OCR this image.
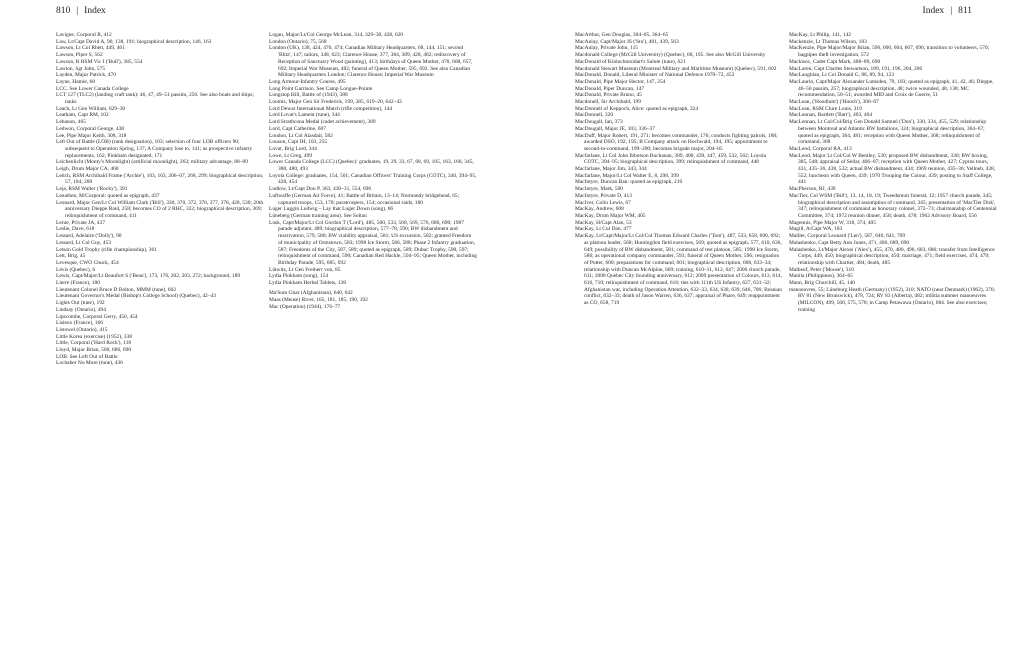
810 | Index

Lavigne, Corporal R, 412

Law, Lt/Capt David A, 90, 138, 191; biographical description, 146, 163

Lawson, Lt Col Rhett, 449, 461

Lawson, Piper S, 562

Lawson, R RSM Vic I ('Bull'), 385, 554

Lawton, Sgt John, 575

Layden, Major Patrick, 470

Layne, Hamie, 68

LCC. See Lower Canada College

LCT 127 (TLC2) (landing craft tank): 46, 47, 49–51 passim, 256. See also boats and ships; tanks

Leach, Lt Gen William, 629–30

Leatham, Capt RM, 102

Lebanon, 465

Ledwon, Corporal George, 438

Lee, Pipe Major Keith, 308, 318

Left Out of Battle (LOB) (rank designation), 103; selection of four LOB officers 90; subsequent to Operation Spring, 137; A Company lose to, 141; as prospective infantry replacements, 162; Pinkham designated, 171

Leichenlicht (Monty's Moonlight) (artificial moonlight), 263; military advantage, 88–89

Leigh, Drum Major CA, 460

Leitch, RSM Archibald Frame ('Archie'), 103, 163, 206–07, 268, 299; biographical description, 57, 184, 200

Leja, RSM Walter ('Rocky'), 391

Lenathen, M/Corporal: quoted as epigraph, 437

Leonard, Major Gen/Lt Col William Clark ('Bill'), 330, 370, 372, 376, 377, 378, 428, 530; 20th anniversary Dieppe Raid, 258; becomes CO of 2 RHC, 332; biographical description, 369; relinquishment of command, 411

Lerue, Private JA, 437

Leslie, Dave, 618

Lessard, Adelaire ('Dolly'), 90

Lessard, Lt Col Guy, 453

Letson Gold Trophy (rifle championship), 361

Lett, Brig, 45

Levesque, CWO Chuck, 454

Lévis (Quebec), 6

Lewis, Capt/Major/Lt Beaufort S ('Beau'), 173, 176, 202, 203, 272; background, 189

Lierre (France), 180

Lieutenant Colonel Bruce D Bolton, MMM (tune), 602

Lieutenant Governor's Medal (Bishop's College School) (Quebec), 42–43

Lights Out (tune), 192

Lindsay (Ontario), 494

Lipscombe, Corporal Gerry, 450, 454

Lisieux (France), 166

Listowel (Ontario), 415

Little Korea (exercise) (1952), 338

Little, Corporal ('Hard Rock'), 118

Lloyd, Major Brian, 500, 686, 690

LOB. See Left Out of Battle

Lochaber No More (tune), 436

Logan, Major/Lt/Col George McLean, 314, 329–30, 428, 620

London (Ontario), 75, 568

London (UK), 138, 424, 470, 474; Canadian Military Headquarters, 68, 144, 151; second 'Blitz', 147; tailors, 348, 623; Clarence House, 377, 384, 389, 428, 482; rediscovery of Reception of Sanctuary Wood (painting), 413; birthdays of Queen Mother, 470, 608, 657, 692; Imperial War Museum, 482; funeral of Queen Mother, 595, 692. See also Canadian Military Headquarters London; Clarence House; Imperial War Museum

Long Armour-Infantry Course, 495

Long Point Garrison. See Camp Longue-Pointe

Longstop Hill, Battle of (1943), 388

Loomis, Major Gen Sir Frederick, 199, 385, 619–20, 642–43

Lord Dewar International Match (rifle competition), 144

Lord Lovat's Lament (tune), 344

Lord Strathcona Medal (cadet achievement), 389

Lord, Capt Catherine, 607

Loudon, Lt Col Alasdair, 582

Louson, Capt IH, 103, 255

Lovat, Brig Lord, 344

Lowe, Lt Greg, 499

Lower Canada College (LCC) (Quebec): graduates, 19, 29, 33, 67, 68, 69, 105, 163, 168, 345, 380, 480, 493

Loyola College: graduates, 154, 501; Canadian Officers' Training Corps (COTC), 340, 394–95, 428, 454

Ludlow, Lt/Capt Don P, 363, 430–31, 554, 696

Luftwaffe (German Air Force), 41; Battle of Britain, 13–14; Normandy bridgehead, 65; captured troops, 153, 170; paratroopers, 154; occasional raids, 180

Luger Luggin Ludwig – Lay that Luger Down (song), 66

Lüneberg (German training area). See Soltau

Lusk, Capt/Major/Lt Col Gordon T ('Lord'), 485, 500, 533, 568, 569, 576, 686, 690; 1987 parade adjutant, 489; biographical description, 577–78, 590; BW disbandment and reactivation, 579, 580; BW viability appraisal, 581; US excursion, 582; granted Freedom of municipality of Ormstown, 583; 1998 Ice Storm, 586, 588; Phase 2 Infantry graduation, 587; Freedoms of the City, 587, 589; quoted as epigraph, 589; Dubuc Trophy, 590, 597; relinquishment of command, 590; Canadian Red Hackle, 594–95; Queen Mother, including Birthday Parade, 595, 685, 692

Lütwitz, Lt Gen Freiherr von, 85

Lydia Pinkham (song), 154

Lydia Pinkham Herbal Tablets, 138

Ma'Sum Ghar (Afghanistan), 640, 642

Maas (Meuse) River, 165, 181, 185, 190, 192

Mac (Operation) (1944), 176–77

Index | 811

MacArthur, Gen Douglas, 304–05, 364–65

MacAulay, Capt/Major JS ('Stu'), 401, 439, 563

MacAulay, Private John, 115

Macdonald College (McGill University) (Quebec), 68, 195. See also McGill University

MacDonald of Kinlochmoidart's Salute (tune), 621

Macdonald Stewart Museum (Montreal Military and Maritime Museum) (Quebec), 591, 602

MacDonald, Donald, Liberal Minister of National Defence 1970–72, 453

MacDonald, Pipe Major Hector, 147, 254

MacDonald, Piper Duncan, 147

MacDonald, Private Bruno, 45

Macdonell, Sir Archibald, 199

MacDonnell of Keppoch, Alice: quoted as epigraph, 324

MacDonnell, 320

MacDougall, Ian, 373

MacDougall, Major JE, 103, 336–37

MacDuff, Major Robert, 191, 271; becomes commander, 176; conducts fighting patrols, 188; awarded DSO, 192, 195; B Company attack on Hochwald, 194, 195; appointment to second-in-command, 199–200; becomes brigade major, 204–05

Macfarlane, Lt Col John Ibbotson Buchanan, 389, 400, 439, 447, 459, 532, 562; Loyola COTC, 394–95; biographical description, 399; relinquishment of command, 448

Macfarlane, Major Jim, 343, 344

Macfarlane, Major/Lt Col Walter E, 8, 298, 399

MacIntyre, Duncan Ban: quoted as epigraph, 210

MacIntyre, Mark, 500

MacIntyre, Private D, 413

MacIver, Colin Lewis, 67

MacKay, Andrew, 608

MacKay, Drum Major WM, 405

MacKay, H/Capt Alan, 53

MacKay, Lt Col Dan, 477

MacKay, Lt/Capt/Major/Lt Col/Col Thomas Edward Charles ('Tom'), 487, 533, 658, 690, 692; as platoon leader, 568; Huntingdon field exercises, 569; quoted as epigraph, 577, 610, 636, 649; possibility of BW disbandment, 581; command of test platoon, 585; 1998 Ice Storm, 586; as operational company commander, 593; funeral of Queen Mother, 596; resignation of Potter, 600; preparations for command, 601; biographical description, 608, 633–34; relationship with Duncan McAlpine, 609; training, 610–11, 612, 647; 2006 church parade, 611; 2008 Quebec City founding anniversary, 612; 2009 presentation of Colours, 613, 614, 616, 710; relinquishment of command, 616; ties with 111th US Infantry, 627, 631–32; Afghanistan war, including Operation Attention, 632–33, 634, 638, 639, 646, 706; Bosnian conflict, 632–33; death of Jason Warren, 636, 637; appraisal of Phare, 649; reappointment as CO, 658, 719

MacKay, Lt Philip, 141, 142

Mackenzie, Lt Thomas Wilson, 183

MacKenzie, Pipe Major/Major Brian, 596, 600, 604, 607, 696; transition to volunteers, 570; bagpipes theft investigation, 572

Mackisoc, Cadet Capt Mark, 488–89, 690

MacLaren, Capt Charles Stewartson, 189, 191, 196, 204, 206

MacLaughlan, Lt Col Donald G, 88, 89, 94, 123

MacLaurin, Capt/Major Alexander Lumsden, 79, 103; quoted as epigraph, 41, 42, 46; Dieppe, 46–50 passim, 257; biographical description, 48; twice wounded, 48, 138; MC recommendation, 50–51; awarded MID and Croix de Guerre, 51

MacLean, ('Hoodlum') ('Hooch'), 306–07

MacLean, RSM Clure Louis, 319

MacLennan, Bartlett ('Bart'), 403, 404

MacLennan, Lt Col/Col/Brig Gen Donald Samuel ('Don'), 330, 334, 455, 529; relationship between Montreal and Atlantic BW battalions, 324; biographical description, 364–67; quoted as epigraph, 364, 481; reception with Queen Mother, 368; relinquishment of command, 368

MacLeod, Corporal RA, 413

MacLeod, Major Lt Col/Col W Bentley, 530; proposed BW disbandment, 330; BW boxing, 385, 548; appraisal of Sellar, 406–07; reception with Queen Mother, 427; Cyprus tours, 431, 435–36, 438, 532; actual BW disbandment, 434; 1969 reunion, 435–36; Yellneb, 438, 552; luncheon with Queen, 439; 1970 Trooping the Colour, 439; posting to Staff College, 441

MacPherson, RJ, 439

MacTier, Col WSM ('Bill'), 13, 14, 18, 19; Tweedsmuir funeral, 12; 1957 church parade, 345; biographical description and assumption of command, 345; presentation of 'MacTier Dirk', 347; relinquishment of command as honorary colonel, 372–73; chairmanship of Centennial Committee, 374; 1972 reunion dinner, 458; death, 478; 1962 Advisory Board, 556

Magennis, Pipe Major W, 318, 374, 405

Magill, A/Capt WA, 103

Maillet, Corporal Leonard ('Len'), 587, 640, 641, 709

Malashenko, Capt Betty Ann Jones, 471, 486, 689, 690

Malashenko, Lt/Major Alexei ('Alex'), 455, 470, 480, 496, 683, 686; transfer from Intelligence Corps, 449, 450; biographical description, 450; marriage, 471; field exercises, 474, 479; relationship with Chartier, 484; death, 485

Malbeuf, Peter ('Moose'), 310

Manila (Philippines), 364–65

Mann, Brig Churchill, 45, 140

manoeuvres, 55; Lüneburg Heath (Germany) (1952), 310; NATO (near Denmark) (1962), 376; RV 81 (New Brunswick), 478, 724; RV 83 (Alberta), 482; militia summer manoeuvres (MILCON), 499, 500, 575, 578; in Camp Petawawa (Ontario), 684. See also exercises; training
